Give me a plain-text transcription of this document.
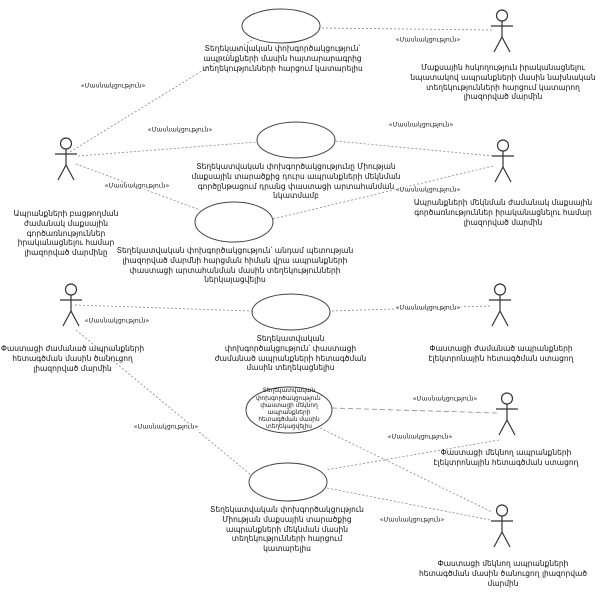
Տեղեկատվական փոխգործակցություն՝ ապրանքների մասին հայտարարագրից տեղեկությունների հարցում կատարելիս
Տեղեկատվական փոխգործակցությունը Միության մաքսային տարածքից դուրս ապրանքների մեկնման գործընթացում դրանց փաստացի արտահանման նկատմամբ
Տեղեկատվական փոխգործակցություն՝ անդամ պետության լիազորված մարմնի հարցման հիման վրա ապրանքների փաստացի արտահանման մասին տեղեկությունների ներկայացվելիս
Տեղեկատվական փոխգործակցություն՝ փաստացի ժամանած ապրանքների հետագծման մասին տեղեկացնելիս
Տեղեկատվական փոխգործակցություն՝ փաստացի մեկնող ապրանքների հետագծման մասին տեղեկացվելիս
Տեղեկատվական փոխգործակցություն Միության մաքսային տարածքից ապրանքների մեկնման մասին տեղեկությունների հարցում կատարելիս
Ապրանքների բացթողման ժամանակ մաքսային գործառնություններ իրականացնելու համար լիազորված մարմինը
Փաստացի ժամանած ապրանքների հետագծման մասին ծանուցող լիազորված մարմին
Մաքսային հսկողություն իրականացնելու նպատակով ապրանքների մասին նախնական տեղեկությունների հարցում կատարող լիազորված մարմին
Ապրանքների մեկնման ժամանակ մաքսային գործառնություններ իրականացնելու համար լիազորված մարմին
Փաստացի ժամանած ապրանքների էլեկտրոնային հետագծման ստացող
Փաստացի մեկնող ապրանքների էլեկտրոնային հետագծման ստացող
Փաստացի մեկնող ապրանքների հետագծման մասին ծանուցող լիազորված մարմին
«Մասնակցություն»
«Մասնակցություն»
«Մասնակցություն»
«Մասնակցություն»
«Մասնակցություն»
«Մասնակցություն»
«Մասնակցություն»
«Մասնակցություն»
«Մասնակցություն»
«Մասնակցություն»
«Մասնակցություն»
«Մասնակցություն»
